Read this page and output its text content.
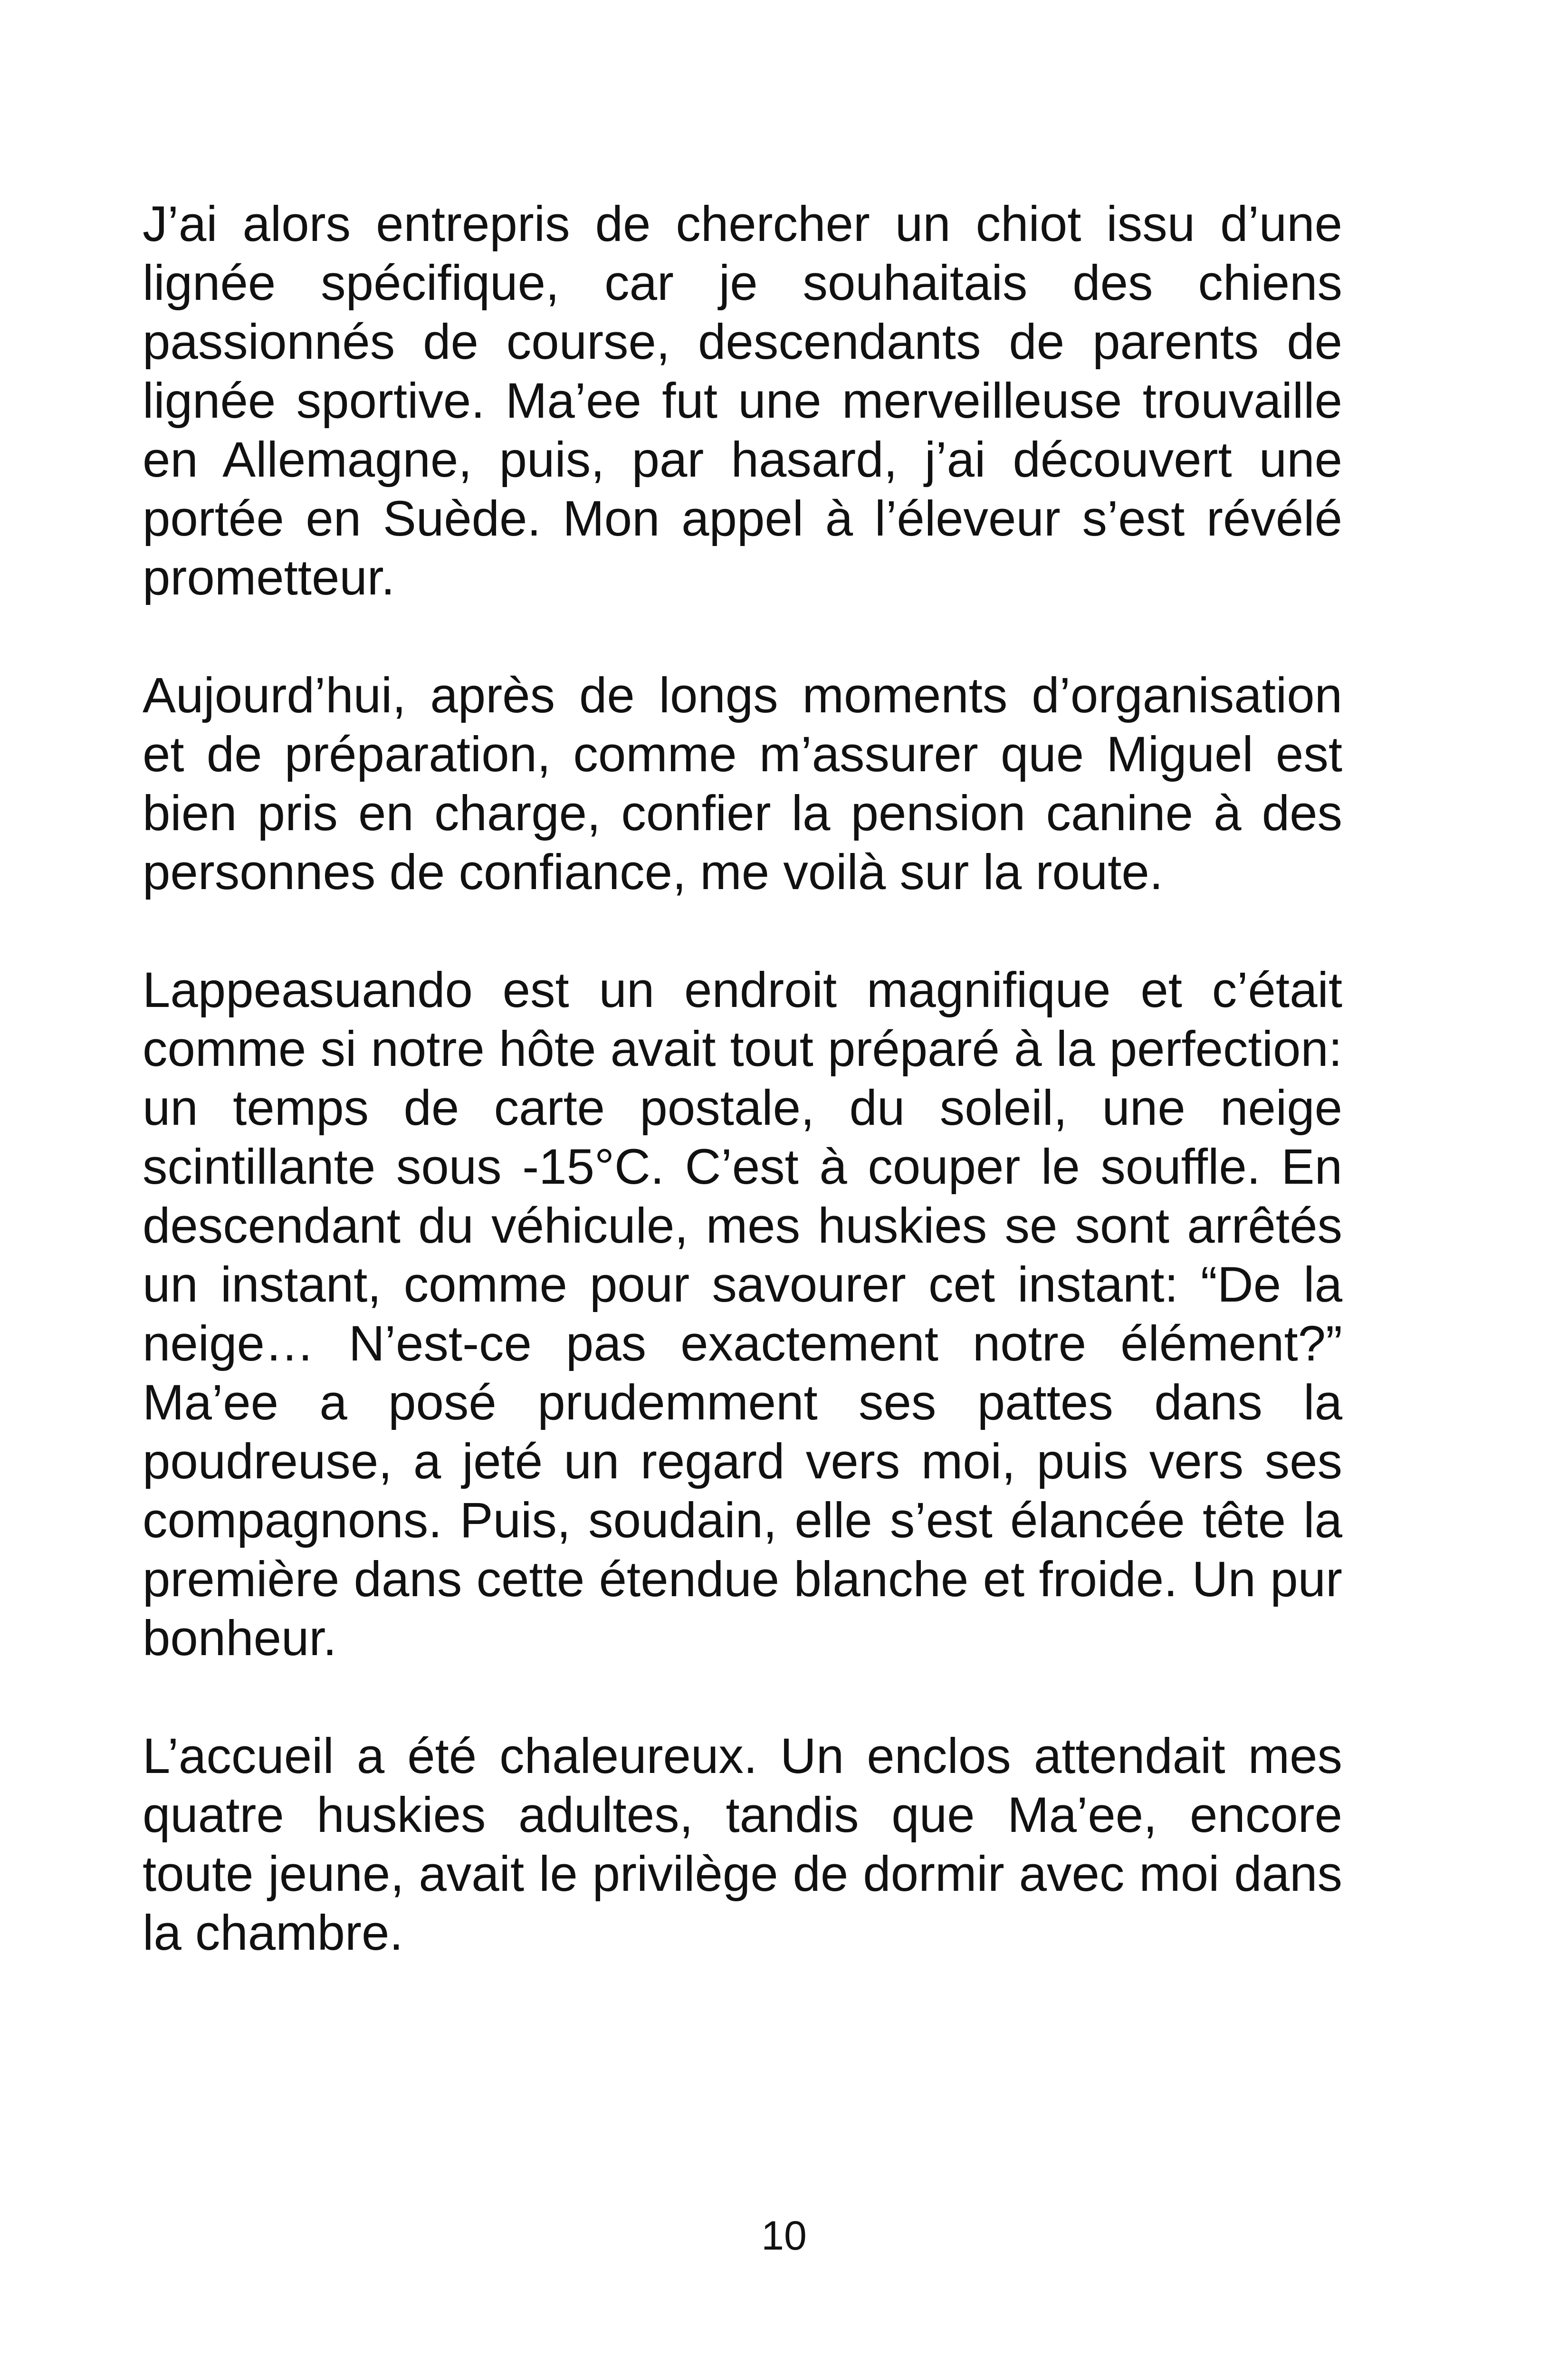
J’ai alors entrepris de chercher un chiot issu d’une lignée spécifique, car je souhaitais des chiens passionnés de course, descendants de parents de lignée sportive. Ma’ee fut une merveilleuse trouvaille en Allemagne, puis, par hasard, j’ai découvert une portée en Suède. Mon appel à l’éleveur s’est révélé prometteur.

Aujourd’hui, après de longs moments d’organisation et de préparation, comme m’assurer que Miguel est bien pris en charge, confier la pension canine à des personnes de confiance, me voilà sur la route.

Lappeasuando est un endroit magnifique et c’était comme si notre hôte avait tout préparé à la perfection: un temps de carte postale, du soleil, une neige scintillante sous -15°C. C’est à couper le souffle. En descendant du véhicule, mes huskies se sont arrêtés un instant, comme pour savourer cet instant: “De la neige… N’est-ce pas exactement notre élément?” Ma’ee a posé prudemment ses pattes dans la poudreuse, a jeté un regard vers moi, puis vers ses compagnons. Puis, soudain, elle s’est élancée tête la première dans cette étendue blanche et froide. Un pur bonheur.

L’accueil a été chaleureux. Un enclos attendait mes quatre huskies adultes, tandis que Ma’ee, encore toute jeune, avait le privilège de dormir avec moi dans la chambre.

10
